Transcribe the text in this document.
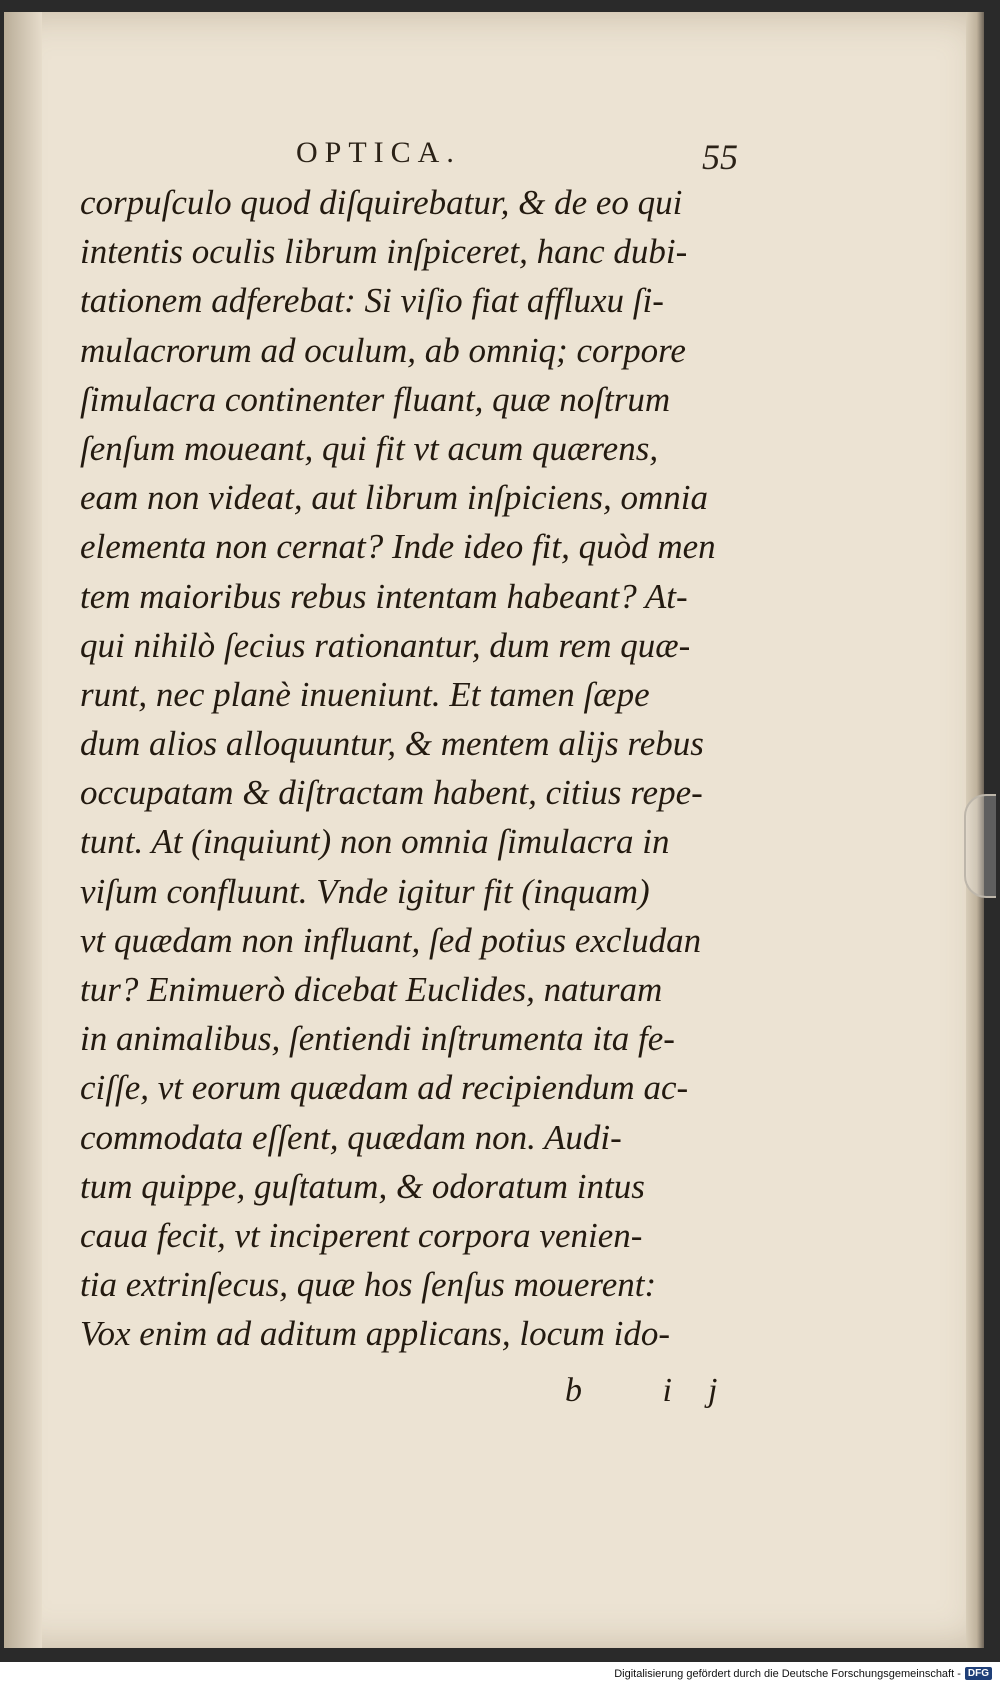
OPTICA.	55
corpuſculo quod diſquirebatur, & de eo qui
intentis oculis librum inſpiceret, hanc dubi-
tationem adferebat: Si viſio fiat affluxu ſi-
mulacrorum ad oculum, ab omniq; corpore
ſimulacra continenter fluant, quæ noſtrum
ſenſum moueant, qui fit vt acum quærens,
eam non videat, aut librum inſpiciens, omnia
elementa non cernat? Inde ideo fit, quòd men
tem maioribus rebus intentam habeant? At-
qui nihilò ſecius rationantur, dum rem quæ-
runt, nec planè inueniunt. Et tamen ſæpe
dum alios alloquuntur, & mentem alijs rebus
occupatam & diſtractam habent, citius repe-
tunt. At (inquiunt) non omnia ſimulacra in
viſum confluunt. Vnde igitur fit (inquam)
vt quædam non influant, ſed potius excludan
tur? Enimuerò dicebat Euclides, naturam
in animalibus, ſentiendi inſtrumenta ita fe-
ciſſe, vt eorum quædam ad recipiendum ac-
commodata eſſent, quædam non. Audi-
tum quippe, guſtatum, & odoratum intus
caua fecit, vt inciperent corpora venien-
tia extrinſecus, quæ hos ſenſus mouerent:
Vox enim ad aditum applicans, locum ido-
b ij
Digitalisierung gefördert durch die Deutsche Forschungsgemeinschaft - DFG
